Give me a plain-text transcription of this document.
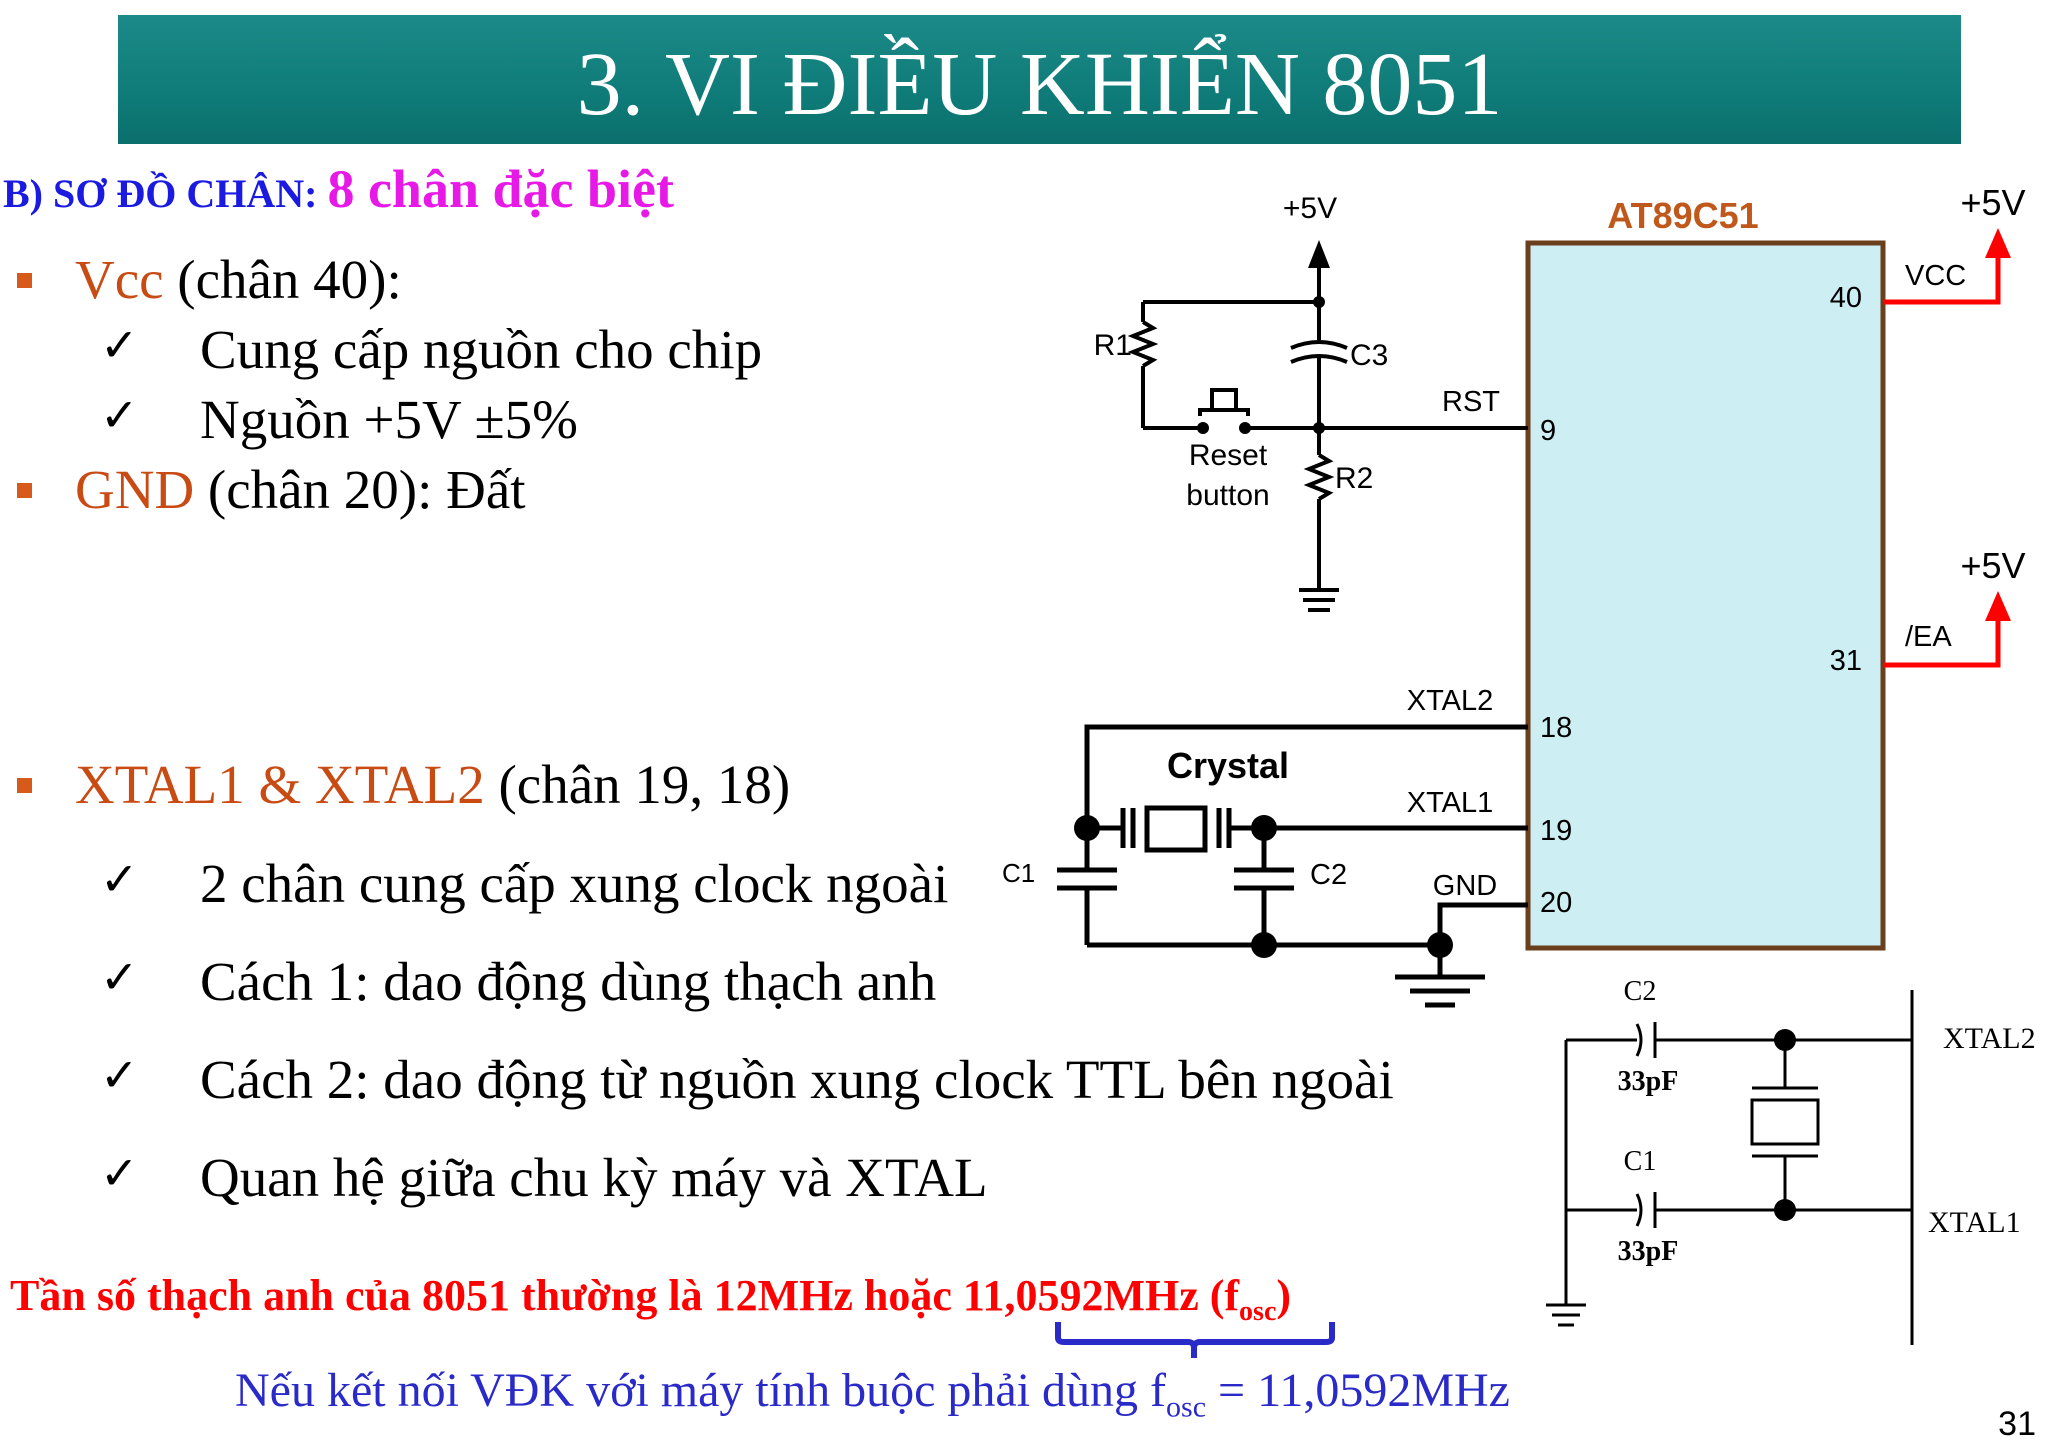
3. VI ĐIỀU KHIỂN 8051
B) SƠ ĐỒ CHÂN: 8 chân đặc biệt
Vcc (chân 40):
✓ Cung cấp nguồn cho chip
✓ Nguồn +5V ±5%
GND (chân 20): Đất
XTAL1 & XTAL2 (chân 19, 18)
✓ 2 chân cung cấp xung clock ngoài
✓ Cách 1: dao động dùng thạch anh
✓ Cách 2: dao động từ nguồn xung clock TTL bên ngoài
✓ Quan hệ giữa chu kỳ máy và XTAL
AT89C51	+5V
VCC
40
+5V
/EA
31
9
18
19
20
+5V
C3
R1
Reset
button
RST
R2
XTAL2
XTAL1
GND
Crystal
C1	C2
XTAL2
XTAL1
C2
33pF
C1
33pF
Tần số thạch anh của 8051 thường là 12MHz hoặc 11,0592MHz $(f_{osc})$
Nếu kết nối VĐK với máy tính buộc phải dùng $f_{osc} = 11,0592MHz$
31
